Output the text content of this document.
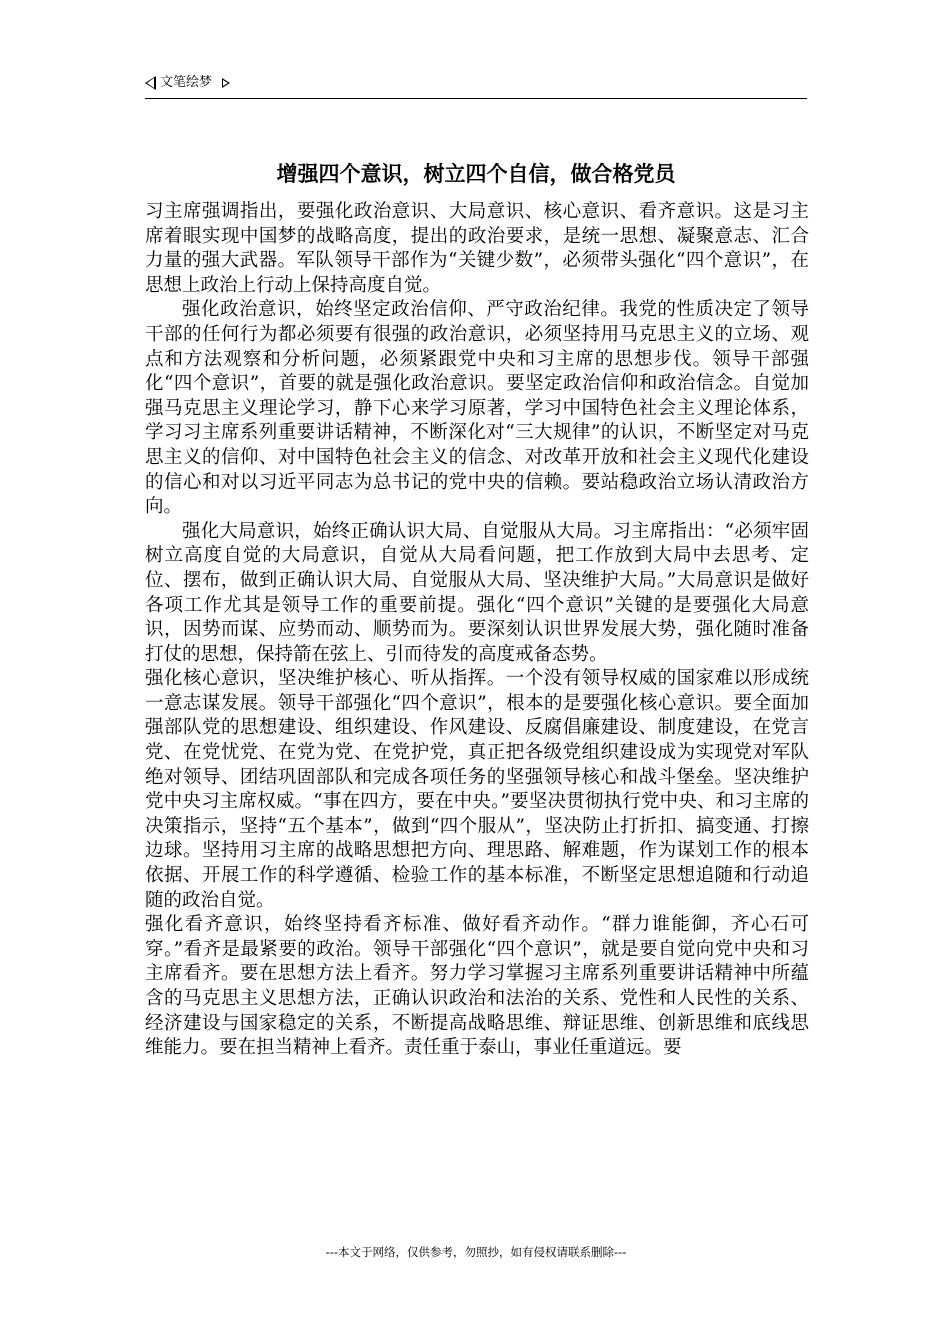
文笔绘梦
增强四个意识，树立四个自信，做合格党员

习主席强调指出，要强化政治意识、大局意识、核心意识、看齐意识。这是习主席着眼实现中国梦的战略高度，提出的政治要求，是统一思想、凝聚意志、汇合力量的强大武器。军队领导干部作为“关键少数”，必须带头强化“四个意识”，在思想上政治上行动上保持高度自觉。

强化政治意识，始终坚定政治信仰、严守政治纪律。我党的性质决定了领导干部的任何行为都必须要有很强的政治意识，必须坚持用马克思主义的立场、观点和方法观察和分析问题，必须紧跟党中央和习主席的思想步伐。领导干部强化“四个意识”，首要的就是强化政治意识。要坚定政治信仰和政治信念。自觉加强马克思主义理论学习，静下心来学习原著，学习中国特色社会主义理论体系，学习习主席系列重要讲话精神，不断深化对“三大规律”的认识，不断坚定对马克思主义的信仰、对中国特色社会主义的信念、对改革开放和社会主义现代化建设的信心和对以习近平同志为总书记的党中央的信赖。要站稳政治立场认清政治方向。

强化大局意识，始终正确认识大局、自觉服从大局。习主席指出：“必须牢固树立高度自觉的大局意识，自觉从大局看问题，把工作放到大局中去思考、定位、摆布，做到正确认识大局、自觉服从大局、坚决维护大局。”大局意识是做好各项工作尤其是领导工作的重要前提。强化“四个意识”关键的是要强化大局意识，因势而谋、应势而动、顺势而为。要深刻认识世界发展大势，强化随时准备打仗的思想，保持箭在弦上、引而待发的高度戒备态势。

强化核心意识，坚决维护核心、听从指挥。一个没有领导权威的国家难以形成统一意志谋发展。领导干部强化“四个意识”，根本的是要强化核心意识。要全面加强部队党的思想建设、组织建设、作风建设、反腐倡廉建设、制度建设，在党言党、在党忧党、在党为党、在党护党，真正把各级党组织建设成为实现党对军队绝对领导、团结巩固部队和完成各项任务的坚强领导核心和战斗堡垒。坚决维护党中央习主席权威。“事在四方，要在中央。”要坚决贯彻执行党中央、和习主席的决策指示，坚持“五个基本”，做到“四个服从”，坚决防止打折扣、搞变通、打擦边球。坚持用习主席的战略思想把方向、理思路、解难题，作为谋划工作的根本依据、开展工作的科学遵循、检验工作的基本标准，不断坚定思想追随和行动追随的政治自觉。

强化看齐意识，始终坚持看齐标准、做好看齐动作。“群力谁能御，齐心石可穿。”看齐是最紧要的政治。领导干部强化“四个意识”，就是要自觉向党中央和习主席看齐。要在思想方法上看齐。努力学习掌握习主席系列重要讲话精神中所蕴含的马克思主义思想方法，正确认识政治和法治的关系、党性和人民性的关系、经济建设与国家稳定的关系，不断提高战略思维、辩证思维、创新思维和底线思维能力。要在担当精神上看齐。责任重于泰山，事业任重道远。要

---本文于网络，仅供参考，勿照抄，如有侵权请联系删除---
